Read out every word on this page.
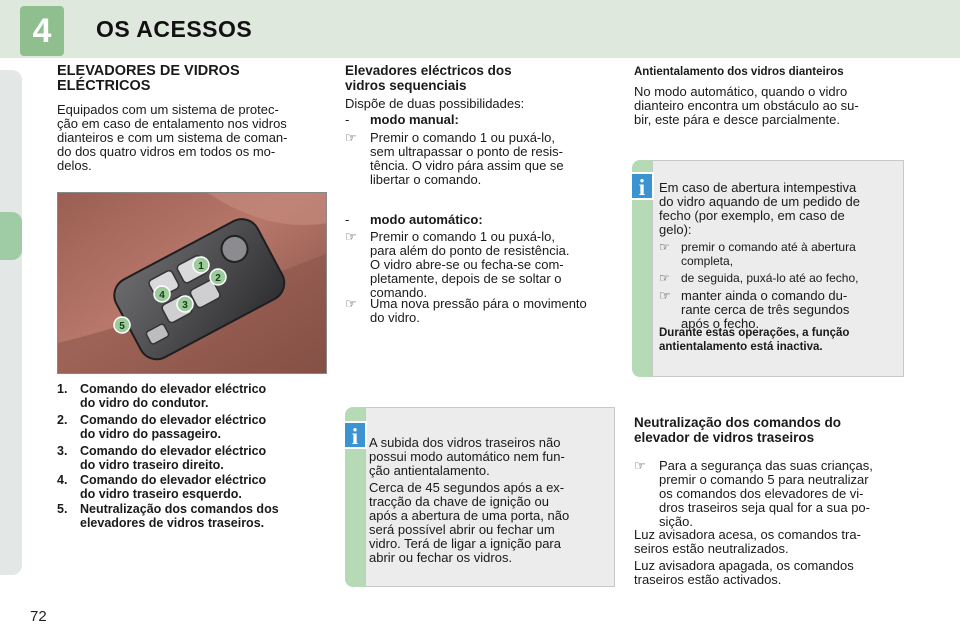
4	OS ACESSOS
ELEVADORES DE VIDROS
ELÉCTRICOS
Equipados com um sistema de protec-
ção em caso de entalamento nos vidros
dianteiros e com um sistema de coman-
do dos quatro vidros em todos os mo-
delos.
1
2
3
4
5
1.	Comando do elevador eléctrico
do vidro do condutor.
2.	Comando do elevador eléctrico
do vidro do passageiro.
3.	Comando do elevador eléctrico
do vidro traseiro direito.
4.	Comando do elevador eléctrico
do vidro traseiro esquerdo.
5.	Neutralização dos comandos dos
elevadores de vidros traseiros.
Elevadores eléctricos dos
vidros sequenciais
Dispõe de duas possibilidades:
- modo manual:
☞	Premir o comando 1 ou puxá-lo,
sem ultrapassar o ponto de resis-
tência. O vidro pára assim que se
libertar o comando.
- modo automático:
☞	Premir o comando 1 ou puxá-lo,
para além do ponto de resistência.
O vidro abre-se ou fecha-se com-
pletamente, depois de se soltar o
comando.
☞	Uma nova pressão pára o movimento
do vidro.
A subida dos vidros traseiros não
possui modo automático nem fun-
ção antientalamento.
Cerca de 45 segundos após a ex-
tracção da chave de ignição ou
após a abertura de uma porta, não
será possível abrir ou fechar um
vidro. Terá de ligar a ignição para
abrir ou fechar os vidros.
i
Antientalamento dos vidros dianteiros
No modo automático, quando o vidro
dianteiro encontra um obstáculo ao su-
bir, este pára e desce parcialmente.
Em caso de abertura intempestiva
do vidro aquando de um pedido de
fecho (por exemplo, em caso de
gelo):
☞ premir o comando até à abertura
completa,
☞ de seguida, puxá-lo até ao fecho,
☞ manter ainda o comando du-
rante cerca de três segundos
após o fecho.
Durante estas operações, a função
antientalamento está inactiva.
i
Neutralização dos comandos do
elevador de vidros traseiros
☞	Para a segurança das suas crianças,
premir o comando 5 para neutralizar
os comandos dos elevadores de vi-
dros traseiros seja qual for a sua po-
sição.
Luz avisadora acesa, os comandos tra-
seiros estão neutralizados.
Luz avisadora apagada, os comandos
traseiros estão activados.
72
